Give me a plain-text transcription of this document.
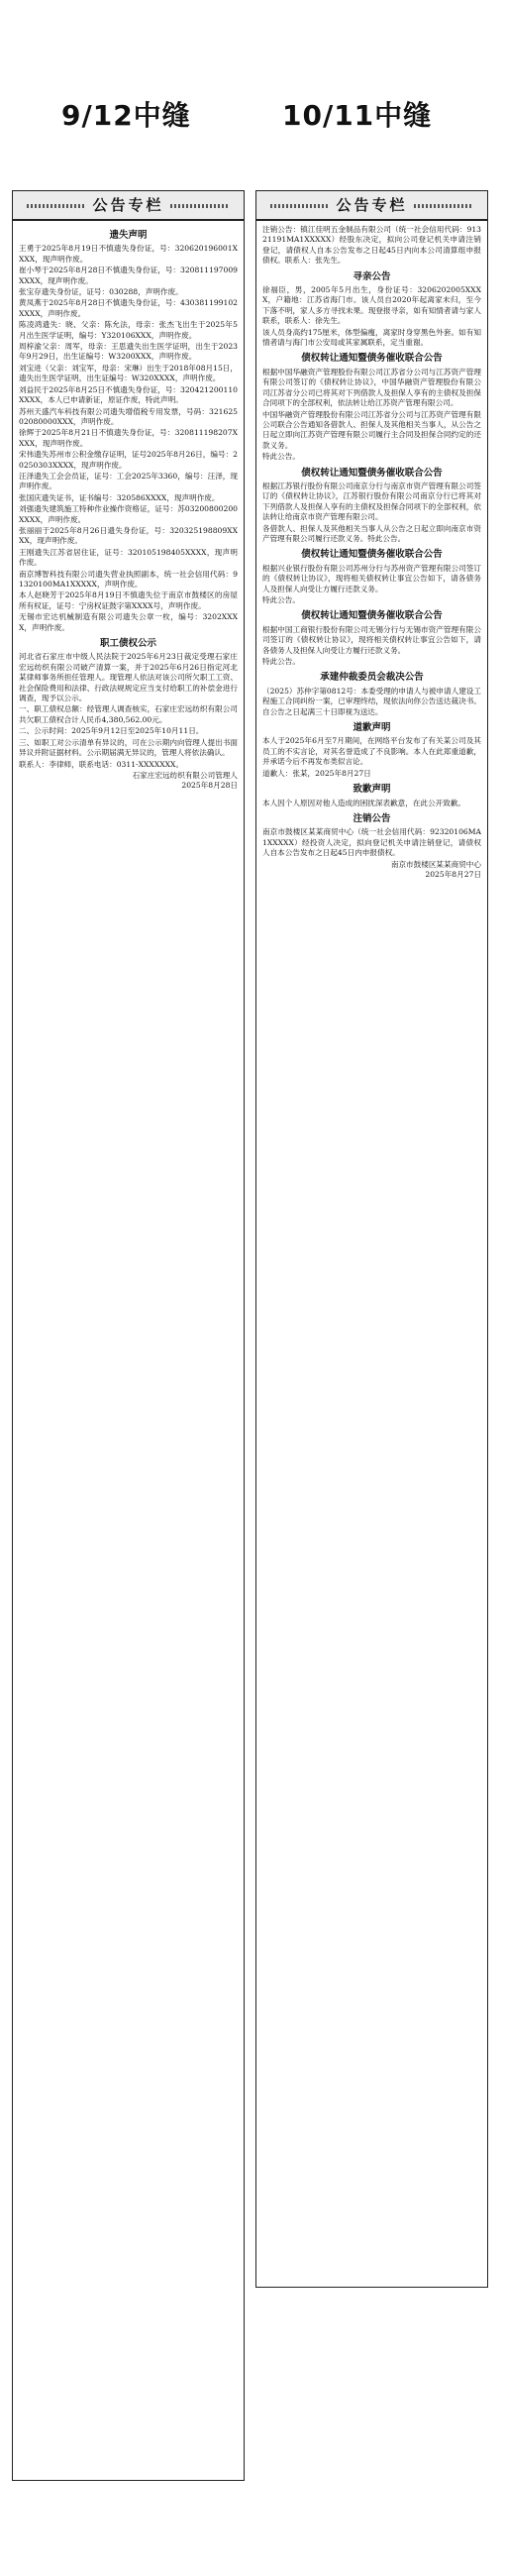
9/12中缝	10/11中缝
公告专栏
遗失声明
王勇于2025年8月19日不慎遗失身份证，号：320620196001XXXX，现声明作废。
崔小琴于2025年8月28日不慎遗失身份证，号：320811197009XXXX，现声明作废。
张宝存遗失身份证，证号：030288，声明作废。
黄凤燕于2025年8月28日不慎遗失身份证，号：430381199102XXXX，声明作废。
陈凌鸿遗失：晓、父亲：陈允法，母亲：张杰飞出生于2025年5月出生医学证明，编号：Y320106XXX，声明作废。
周梓渝父亲：周军，母亲：王思遗失出生医学证明，出生于2023年9月29日，出生证编号：W3200XXX，声明作废。
刘宝进（父亲：刘宝军，母亲：宋琳）出生于2018年08月15日，遗失出生医学证明，出生证编号：W320XXXX，声明作废。
刘益民于2025年8月25日不慎遗失身份证，号：320421200110XXXX，本人已申请新证，原证作废，特此声明。
苏州天盛汽车科技有限公司遗失增值税专用发票，号码：32162502080000XXX，声明作废。
徐辉于2025年8月21日不慎遗失身份证，号：320811198207XXXX，现声明作废。
宋伟遗失苏州市公积金缴存证明，证号2025年8月26日，编号：20250303XXXX，现声明作废。
汪泽遗失工会会员证，证号：工会2025年3360，编号：汪泽，现声明作废。
张国庆遗失证书，证书编号：320586XXXX，现声明作废。
刘强遗失建筑施工特种作业操作资格证，证号：苏03200800200XXXX，声明作废。
张丽丽于2025年8月26日遗失身份证，号：320325198809XXXX，现声明作废。
王刚遗失江苏省居住证，证号：320105198405XXXX，现声明作废。
南京博智科技有限公司遗失营业执照副本，统一社会信用代码：91320100MA1XXXXX，声明作废。
本人赵晓芳于2025年8月19日不慎遗失位于南京市鼓楼区的房屋所有权证，证号：宁房权证鼓字第XXXX号，声明作废。
无锡市宏达机械制造有限公司遗失公章一枚，编号：3202XXXX，声明作废。
职工债权公示
河北省石家庄市中级人民法院于2025年6月23日裁定受理石家庄宏远纺织有限公司破产清算一案，并于2025年6月26日指定河北某律师事务所担任管理人。现管理人依法对该公司所欠职工工资、社会保险费用和法律、行政法规规定应当支付给职工的补偿金进行调查，现予以公示。
一、职工债权总额：经管理人调查核实，石家庄宏远纺织有限公司共欠职工债权合计人民币4,380,562.00元。
二、公示时间：2025年9月12日至2025年10月11日。
三、如职工对公示清单有异议的，可在公示期内向管理人提出书面异议并附证据材料。公示期届满无异议的，管理人将依法确认。
联系人：李律师，联系电话：0311-XXXXXXX。
石家庄宏远纺织有限公司管理人
2025年8月28日
公告专栏
注销公告：镇江佳明五金制品有限公司（统一社会信用代码：91321191MA1XXXXX）经股东决定，拟向公司登记机关申请注销登记，请债权人自本公告发布之日起45日内向本公司清算组申报债权。联系人：张先生。
寻亲公告
徐福臣，男，2005年5月出生，身份证号：3206202005XXXX，户籍地：江苏省海门市。该人员自2020年起离家未归，至今下落不明，家人多方寻找未果。现登报寻亲，如有知情者请与家人联系，联系人：徐先生。
该人员身高约175厘米，体型偏瘦，离家时身穿黑色外套。如有知情者请与海门市公安局或其家属联系，定当重谢。
债权转让通知暨债务催收联合公告
根据中国华融资产管理股份有限公司江苏省分公司与江苏资产管理有限公司签订的《债权转让协议》，中国华融资产管理股份有限公司江苏省分公司已将其对下列借款人及担保人享有的主债权及担保合同项下的全部权利，依法转让给江苏资产管理有限公司。
中国华融资产管理股份有限公司江苏省分公司与江苏资产管理有限公司联合公告通知各借款人、担保人及其他相关当事人，从公告之日起立即向江苏资产管理有限公司履行主合同及担保合同约定的还款义务。
特此公告。
债权转让通知暨债务催收联合公告
根据江苏银行股份有限公司南京分行与南京市资产管理有限公司签订的《债权转让协议》，江苏银行股份有限公司南京分行已将其对下列借款人及担保人享有的主债权及担保合同项下的全部权利，依法转让给南京市资产管理有限公司。
各借款人、担保人及其他相关当事人从公告之日起立即向南京市资产管理有限公司履行还款义务。特此公告。
债权转让通知暨债务催收联合公告
根据兴业银行股份有限公司苏州分行与苏州资产管理有限公司签订的《债权转让协议》，现将相关债权转让事宜公告如下，请各债务人及担保人向受让方履行还款义务。
特此公告。
债权转让通知暨债务催收联合公告
根据中国工商银行股份有限公司无锡分行与无锡市资产管理有限公司签订的《债权转让协议》，现将相关债权转让事宜公告如下，请各债务人及担保人向受让方履行还款义务。
特此公告。
承建仲裁委员会裁决公告
（2025）苏仲字第0812号：本委受理的申请人与被申请人建设工程施工合同纠纷一案，已审理终结，现依法向你公告送达裁决书。自公告之日起满三十日即视为送达。
道歉声明
本人于2025年6月至7月期间，在网络平台发布了有关某公司及其员工的不实言论，对其名誉造成了不良影响。本人在此郑重道歉，并承诺今后不再发布类似言论。
道歉人：张某，2025年8月27日
致歉声明
本人因个人原因对他人造成的困扰深表歉意，在此公开致歉。
注销公告
南京市鼓楼区某某商贸中心（统一社会信用代码：92320106MA1XXXXX）经投资人决定，拟向登记机关申请注销登记，请债权人自本公告发布之日起45日内申报债权。
南京市鼓楼区某某商贸中心
2025年8月27日
